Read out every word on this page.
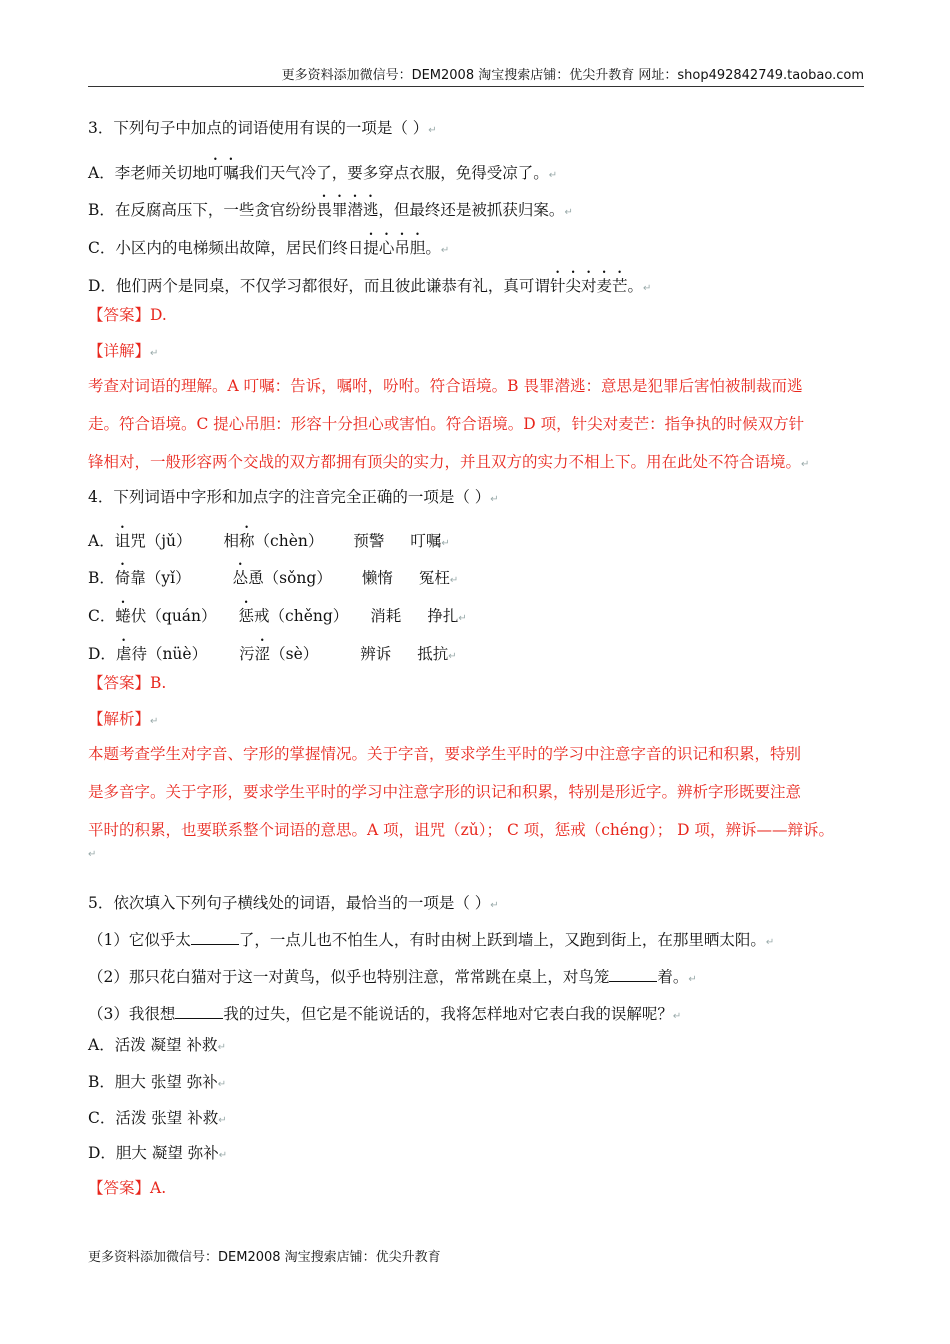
更多资料添加微信号：DEM2008 淘宝搜索店铺：优尖升教育 网址：shop492842749.taobao.com
3．下列句子中加点的词语使用有误的一项是（ ）↵
A．李老师关切地叮嘱我们天气冷了，要多穿点衣服，免得受凉了。↵
B．在反腐高压下，一些贪官纷纷畏罪潜逃，但最终还是被抓获归案。↵
C．小区内的电梯频出故障，居民们终日提心吊胆。↵
D．他们两个是同桌，不仅学习都很好，而且彼此谦恭有礼，真可谓针尖对麦芒。↵
【答案】D.
【详解】↵
考查对词语的理解。A 叮嘱：告诉，嘱咐，吩咐。符合语境。B 畏罪潜逃：意思是犯罪后害怕被制裁而逃
走。符合语境。C 提心吊胆：形容十分担心或害怕。符合语境。D 项，针尖对麦芒：指争执的时候双方针
锋相对，一般形容两个交战的双方都拥有顶尖的实力，并且双方的实力不相上下。用在此处不符合语境。↵
4．下列词语中字形和加点字的注音完全正确的一项是（ ）↵
A．诅咒（jǔ） 相称（chèn） 预警 叮嘱↵
B．倚靠（yǐ）	怂恿（sǒng） 懒惰 冤枉↵
C．蜷伏（quán） 惩戒（chěng） 消耗 挣扎↵
D．虐待（nüè） 污涩（sè）	辨诉 抵抗↵
【答案】B.
【解析】↵
本题考查学生对字音、字形的掌握情况。关于字音，要求学生平时的学习中注意字音的识记和积累，特别
是多音字。关于字形，要求学生平时的学习中注意字形的识记和积累，特别是形近字。辨析字形既要注意
平时的积累，也要联系整个词语的意思。A 项，诅咒（zǔ）； C 项，惩戒（chéng）； D 项，辨诉——辩诉。
↵
5．依次填入下列句子横线处的词语，最恰当的一项是（ ）↵
（1）它似乎太	了，一点儿也不怕生人，有时由树上跃到墙上，又跑到街上，在那里晒太阳。↵
（2）那只花白猫对于这一对黄鸟，似乎也特别注意，常常跳在桌上，对鸟笼	着。↵
（3）我很想	我的过失，但它是不能说话的，我将怎样地对它表白我的误解呢？↵
A．活泼 凝望 补救↵
B．胆大 张望 弥补↵
C．活泼 张望 补救↵
D．胆大 凝望 弥补↵
【答案】A.
更多资料添加微信号：DEM2008 淘宝搜索店铺：优尖升教育
